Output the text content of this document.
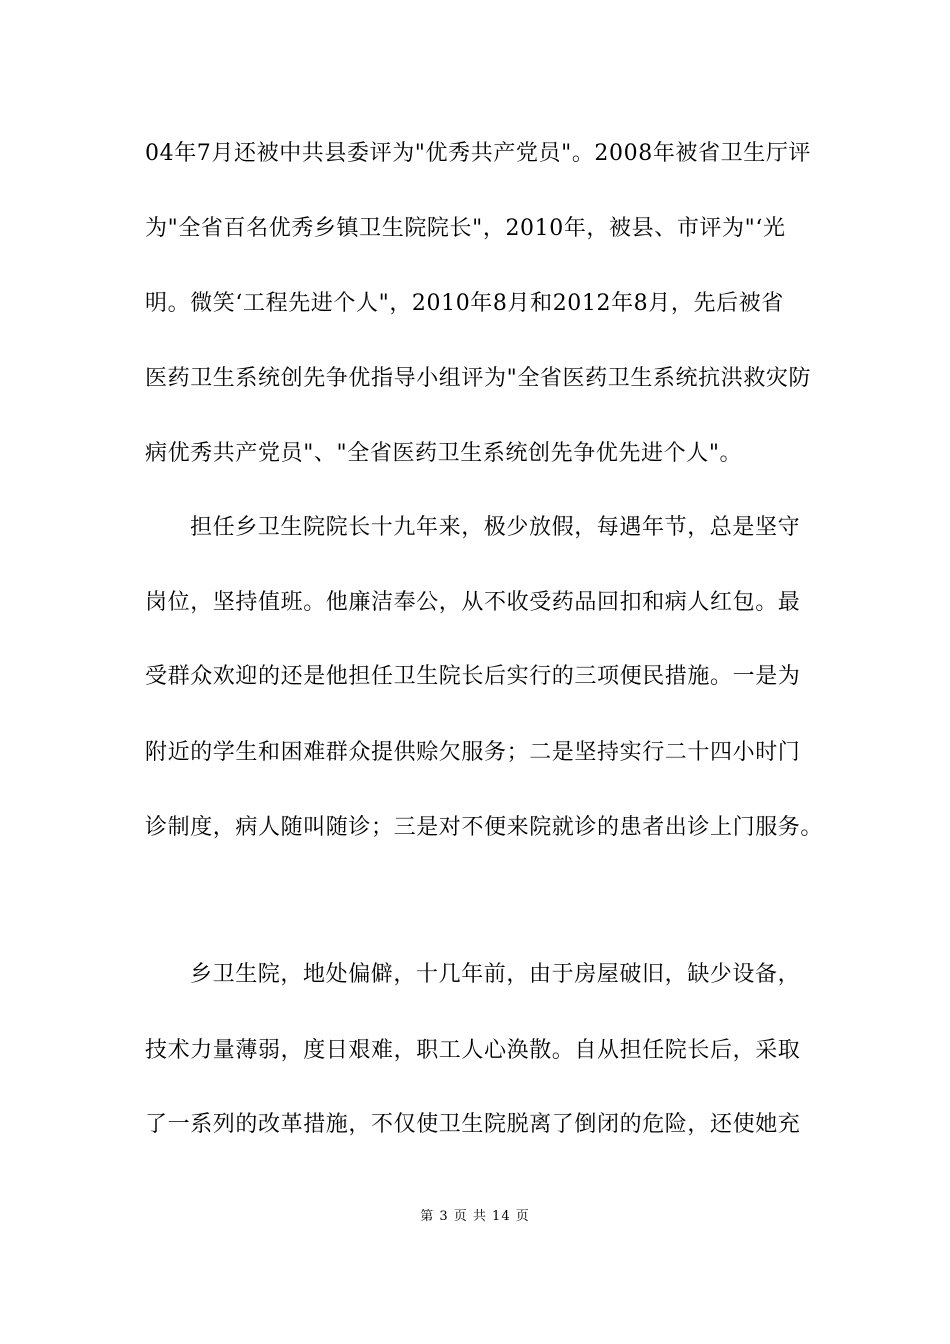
04年7月还被中共县委评为"优秀共产党员"。2008年被省卫生厅评
为"全省百名优秀乡镇卫生院院长"，2010年，被县、市评为"‘光
明。微笑‘工程先进个人"，2010年8月和2012年8月，先后被省
医药卫生系统创先争优指导小组评为"全省医药卫生系统抗洪救灾防
病优秀共产党员"、"全省医药卫生系统创先争优先进个人"。
担任乡卫生院院长十九年来，极少放假，每遇年节，总是坚守
岗位，坚持值班。他廉洁奉公，从不收受药品回扣和病人红包。最
受群众欢迎的还是他担任卫生院长后实行的三项便民措施。一是为
附近的学生和困难群众提供赊欠服务；二是坚持实行二十四小时门
诊制度，病人随叫随诊；三是对不便来院就诊的患者出诊上门服务。
乡卫生院，地处偏僻，十几年前，由于房屋破旧，缺少设备，
技术力量薄弱，度日艰难，职工人心涣散。自从担任院长后，采取
了一系列的改革措施，不仅使卫生院脱离了倒闭的危险，还使她充
第 3 页 共 14 页
